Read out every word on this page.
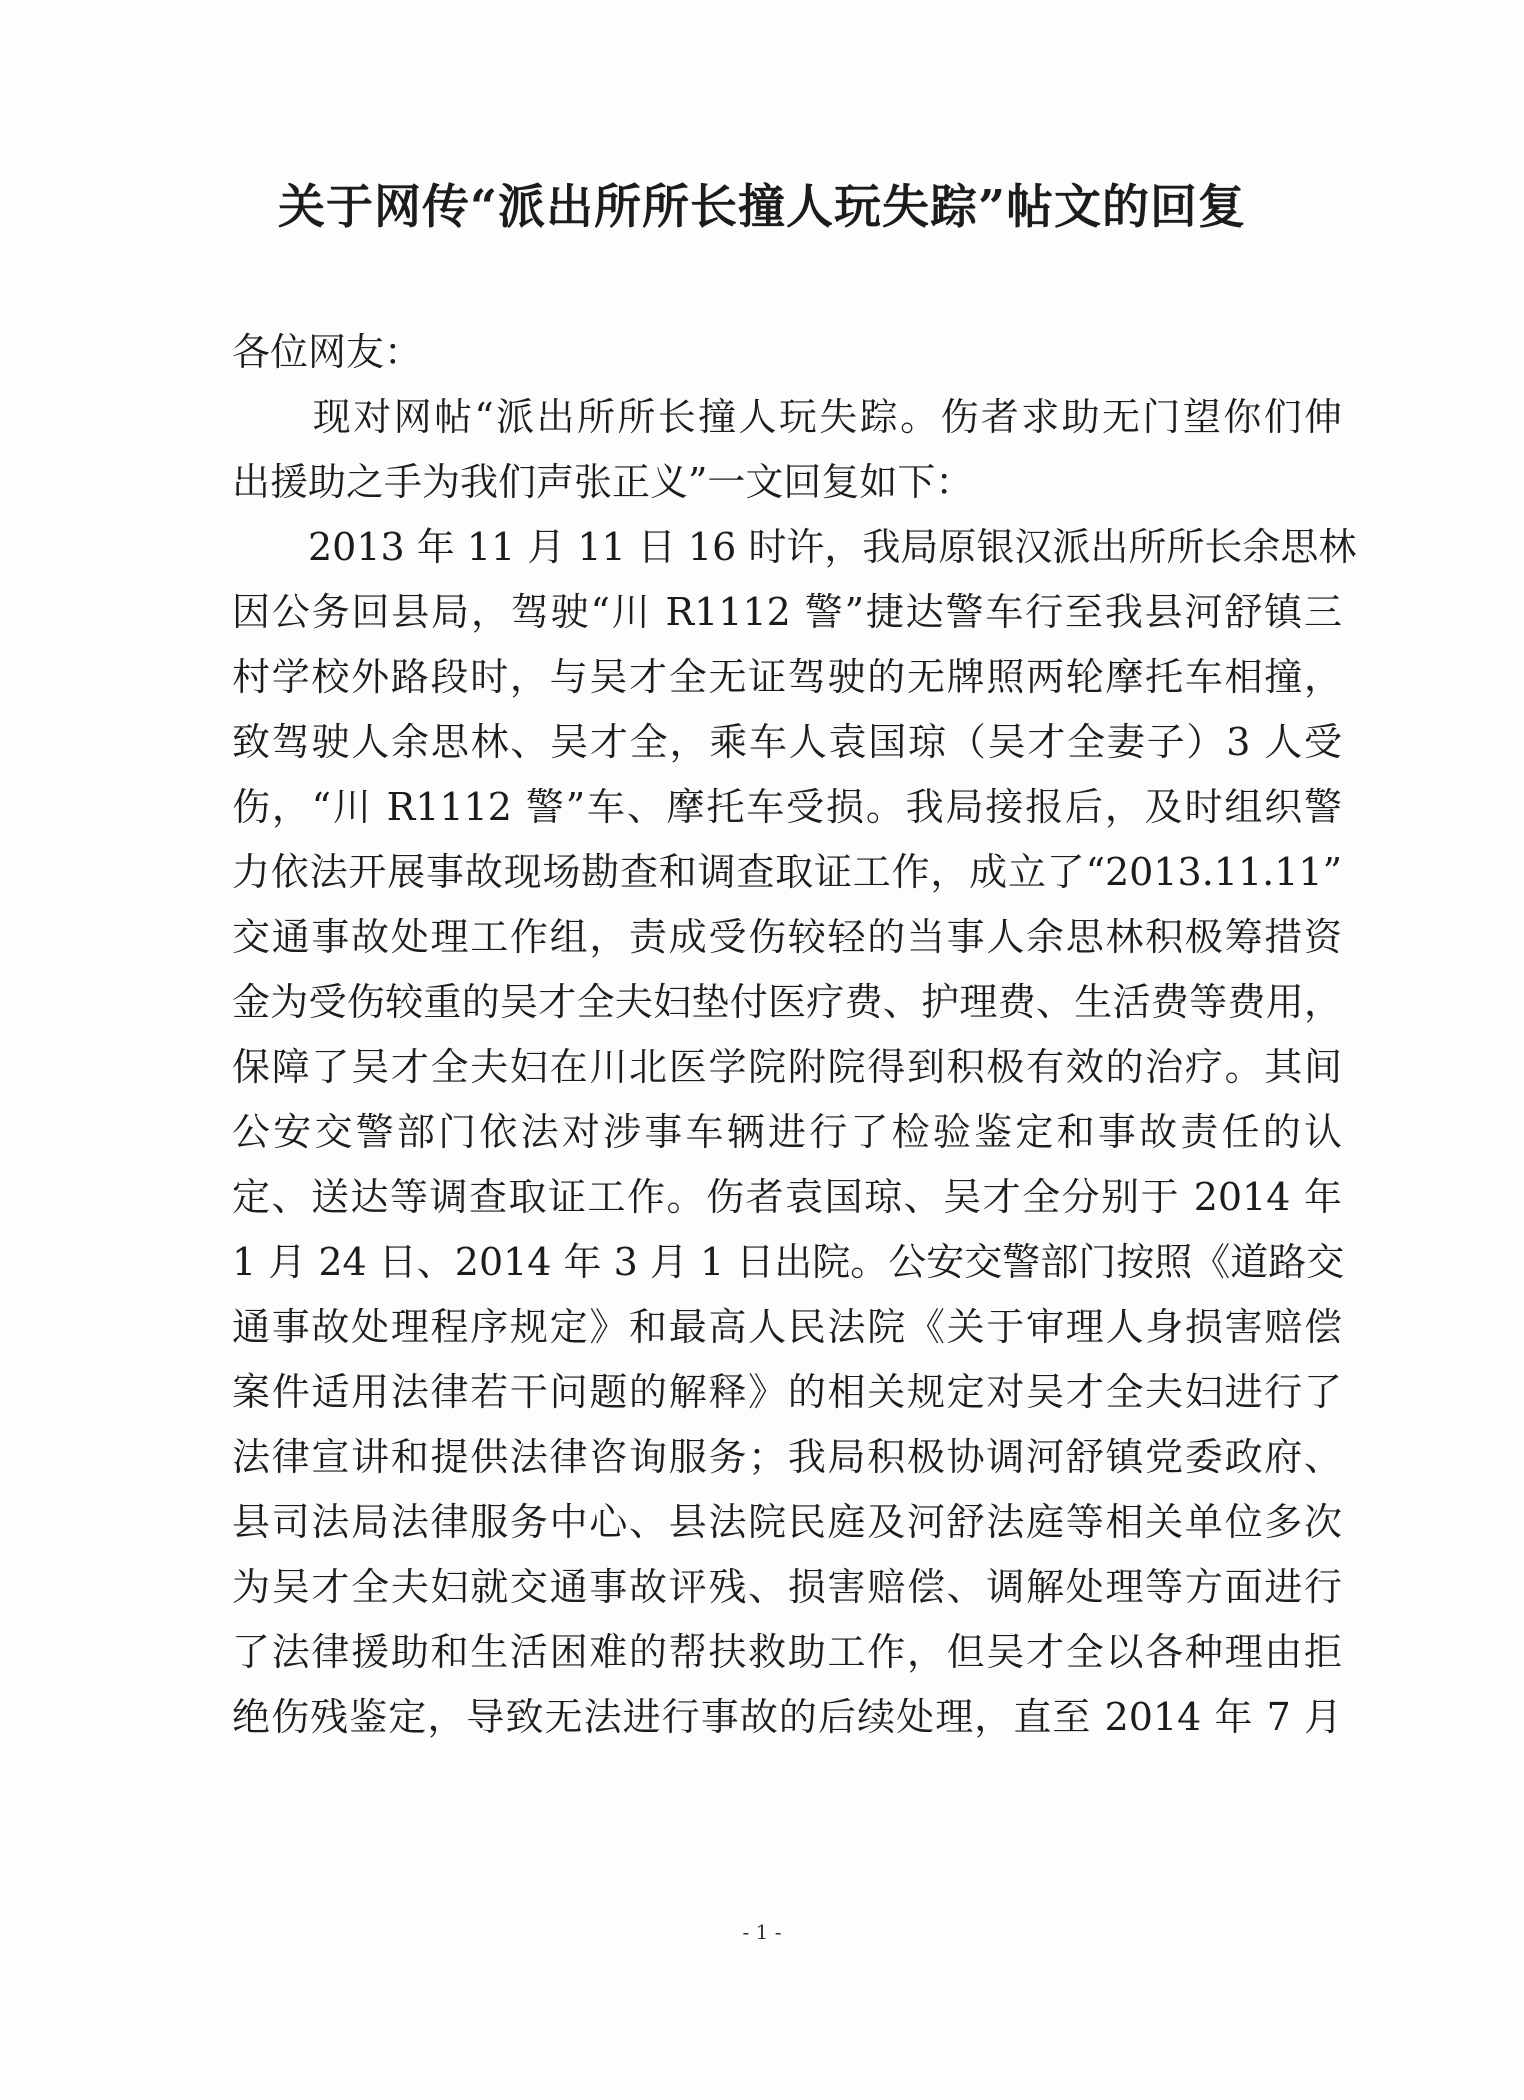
关于网传“派出所所长撞人玩失踪”帖文的回复
各位网友：
　　现对网帖“派出所所长撞人玩失踪。伤者求助无门望你们伸
出援助之手为我们声张正义”一文回复如下：
　　2013 年 11 月 11 日 16 时许，我局原银汉派出所所长余思林
因公务回县局，驾驶“川 R1112 警”捷达警车行至我县河舒镇三
村学校外路段时，与吴才全无证驾驶的无牌照两轮摩托车相撞，
致驾驶人余思林、吴才全，乘车人袁国琼（吴才全妻子）3 人受
伤，“川 R1112 警”车、摩托车受损。我局接报后，及时组织警
力依法开展事故现场勘查和调查取证工作，成立了“2013.11.11”
交通事故处理工作组，责成受伤较轻的当事人余思林积极筹措资
金为受伤较重的吴才全夫妇垫付医疗费、护理费、生活费等费用，
保障了吴才全夫妇在川北医学院附院得到积极有效的治疗。其间
公安交警部门依法对涉事车辆进行了检验鉴定和事故责任的认
定、送达等调查取证工作。伤者袁国琼、吴才全分别于 2014 年
1 月 24 日、2014 年 3 月 1 日出院。公安交警部门按照《道路交
通事故处理程序规定》和最高人民法院《关于审理人身损害赔偿
案件适用法律若干问题的解释》的相关规定对吴才全夫妇进行了
法律宣讲和提供法律咨询服务；我局积极协调河舒镇党委政府、
县司法局法律服务中心、县法院民庭及河舒法庭等相关单位多次
为吴才全夫妇就交通事故评残、损害赔偿、调解处理等方面进行
了法律援助和生活困难的帮扶救助工作，但吴才全以各种理由拒
绝伤残鉴定，导致无法进行事故的后续处理，直至 2014 年 7 月
- 1 -
